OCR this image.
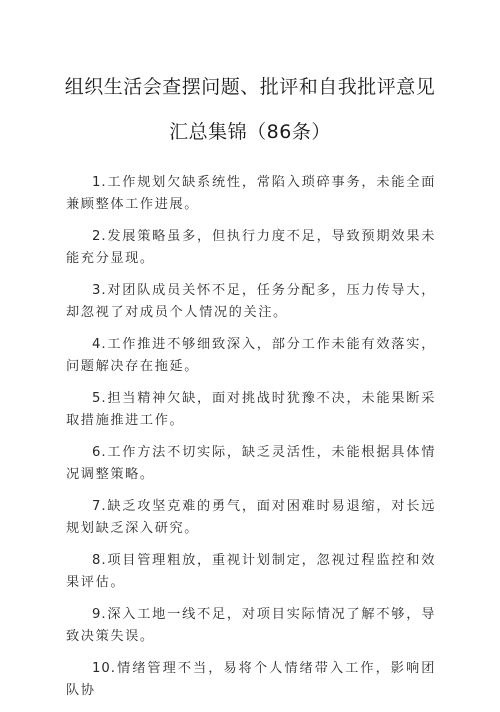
组织生活会查摆问题、批评和自我批评意见
汇总集锦（86条）

1.工作规划欠缺系统性，常陷入琐碎事务，未能全面兼顾整体工作进展。

2.发展策略虽多，但执行力度不足，导致预期效果未能充分显现。

3.对团队成员关怀不足，任务分配多，压力传导大，却忽视了对成员个人情况的关注。

4.工作推进不够细致深入，部分工作未能有效落实，问题解决存在拖延。

5.担当精神欠缺，面对挑战时犹豫不决，未能果断采取措施推进工作。

6.工作方法不切实际，缺乏灵活性，未能根据具体情况调整策略。

7.缺乏攻坚克难的勇气，面对困难时易退缩，对长远规划缺乏深入研究。

8.项目管理粗放，重视计划制定，忽视过程监控和效果评估。

9.深入工地一线不足，对项目实际情况了解不够，导致决策失误。

10.情绪管理不当，易将个人情绪带入工作，影响团队协
